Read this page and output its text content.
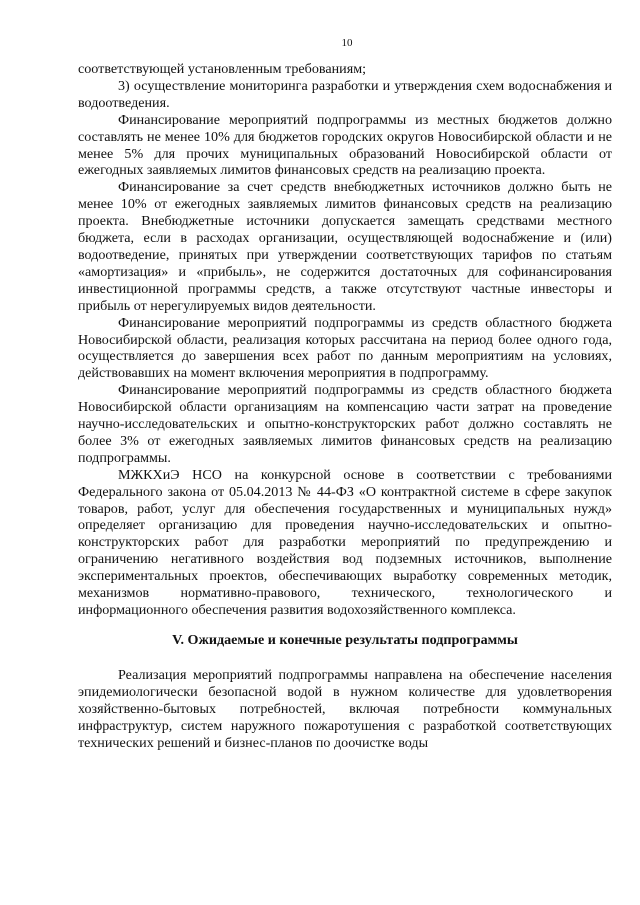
10

соответствующей установленным требованиям;

3) осуществление мониторинга разработки и утверждения схем водоснабжения и водоотведения.

Финансирование мероприятий подпрограммы из местных бюджетов должно составлять не менее 10% для бюджетов городских округов Новосибирской области и не менее 5% для прочих муниципальных образований Новосибирской области от ежегодных заявляемых лимитов финансовых средств на реализацию проекта.

Финансирование за счет средств внебюджетных источников должно быть не менее 10% от ежегодных заявляемых лимитов финансовых средств на реализацию проекта. Внебюджетные источники допускается замещать средствами местного бюджета, если в расходах организации, осуществляющей водоснабжение и (или) водоотведение, принятых при утверждении соответствующих тарифов по статьям «амортизация» и «прибыль», не содержится достаточных для софинансирования инвестиционной программы средств, а также отсутствуют частные инвесторы и прибыль от нерегулируемых видов деятельности.

Финансирование мероприятий подпрограммы из средств областного бюджета Новосибирской области, реализация которых рассчитана на период более одного года, осуществляется до завершения всех работ по данным мероприятиям на условиях, действовавших на момент включения мероприятия в подпрограмму.

Финансирование мероприятий подпрограммы из средств областного бюджета Новосибирской области организациям на компенсацию части затрат на проведение научно-исследовательских и опытно-конструкторских работ должно составлять не более 3% от ежегодных заявляемых лимитов финансовых средств на реализацию подпрограммы.

МЖКХиЭ НСО на конкурсной основе в соответствии с требованиями Федерального закона от 05.04.2013 № 44-ФЗ «О контрактной системе в сфере закупок товаров, работ, услуг для обеспечения государственных и муниципальных нужд» определяет организацию для проведения научно-исследовательских и опытно-конструкторских работ для разработки мероприятий по предупреждению и ограничению негативного воздействия вод подземных источников, выполнение экспериментальных проектов, обеспечивающих выработку современных методик, механизмов нормативно-правового, технического, технологического и информационного обеспечения развития водохозяйственного комплекса.

V. Ожидаемые и конечные результаты подпрограммы

Реализация мероприятий подпрограммы направлена на обеспечение населения эпидемиологически безопасной водой в нужном количестве для удовлетворения хозяйственно-бытовых потребностей, включая потребности коммунальных инфраструктур, систем наружного пожаротушения с разработкой соответствующих технических решений и бизнес-планов по доочистке воды
